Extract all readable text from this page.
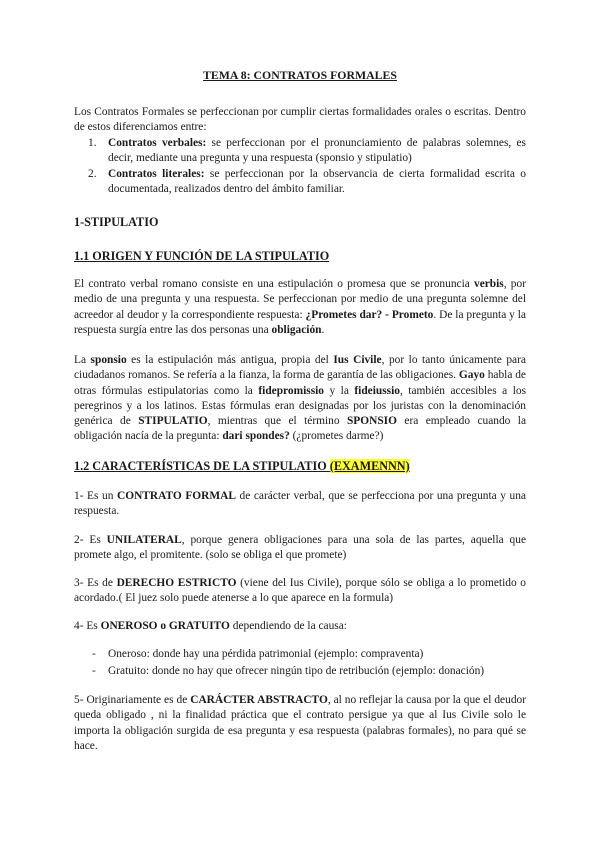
TEMA 8: CONTRATOS FORMALES

Los Contratos Formales se perfeccionan por cumplir ciertas formalidades orales o escritas. Dentro de estos diferenciamos entre:

1. Contratos verbales: se perfeccionan por el pronunciamiento de palabras solemnes, es decir, mediante una pregunta y una respuesta (sponsio y stipulatio)

2. Contratos literales: se perfeccionan por la observancia de cierta formalidad escrita o documentada, realizados dentro del ámbito familiar.

1-STIPULATIO

1.1 ORIGEN Y FUNCIÓN DE LA STIPULATIO

El contrato verbal romano consiste en una estipulación o promesa que se pronuncia verbis, por medio de una pregunta y una respuesta. Se perfeccionan por medio de una pregunta solemne del acreedor al deudor y la correspondiente respuesta: ¿Prometes dar? - Prometo. De la pregunta y la respuesta surgía entre las dos personas una obligación.

La sponsio es la estipulación más antigua, propia del Ius Civile, por lo tanto únicamente para ciudadanos romanos. Se refería a la fianza, la forma de garantía de las obligaciones. Gayo habla de otras fórmulas estipulatorias como la fidepromissio y la fideiussio, también accesibles a los peregrinos y a los latinos. Estas fórmulas eran designadas por los juristas con la denominación genérica de STIPULATIO, mientras que el término SPONSIO era empleado cuando la obligación nacía de la pregunta: dari spondes? (¿prometes darme?)

1.2 CARACTERÍSTICAS DE LA STIPULATIO (EXAMENNN)

1- Es un CONTRATO FORMAL de carácter verbal, que se perfecciona por una pregunta y una respuesta.

2- Es UNILATERAL, porque genera obligaciones para una sola de las partes, aquella que promete algo, el promitente. (solo se obliga el que promete)

3- Es de DERECHO ESTRICTO (viene del Ius Civile), porque sólo se obliga a lo prometido o acordado.( El juez solo puede atenerse a lo que aparece en la formula)

4- Es ONEROSO o GRATUITO dependiendo de la causa:

- Oneroso: donde hay una pérdida patrimonial (ejemplo: compraventa)

- Gratuito: donde no hay que ofrecer ningún tipo de retribución (ejemplo: donación)

5- Originariamente es de CARÁCTER ABSTRACTO, al no reflejar la causa por la que el deudor queda obligado , ni la finalidad práctica que el contrato persigue ya que al Ius Civile solo le importa la obligación surgida de esa pregunta y esa respuesta (palabras formales), no para qué se hace.
